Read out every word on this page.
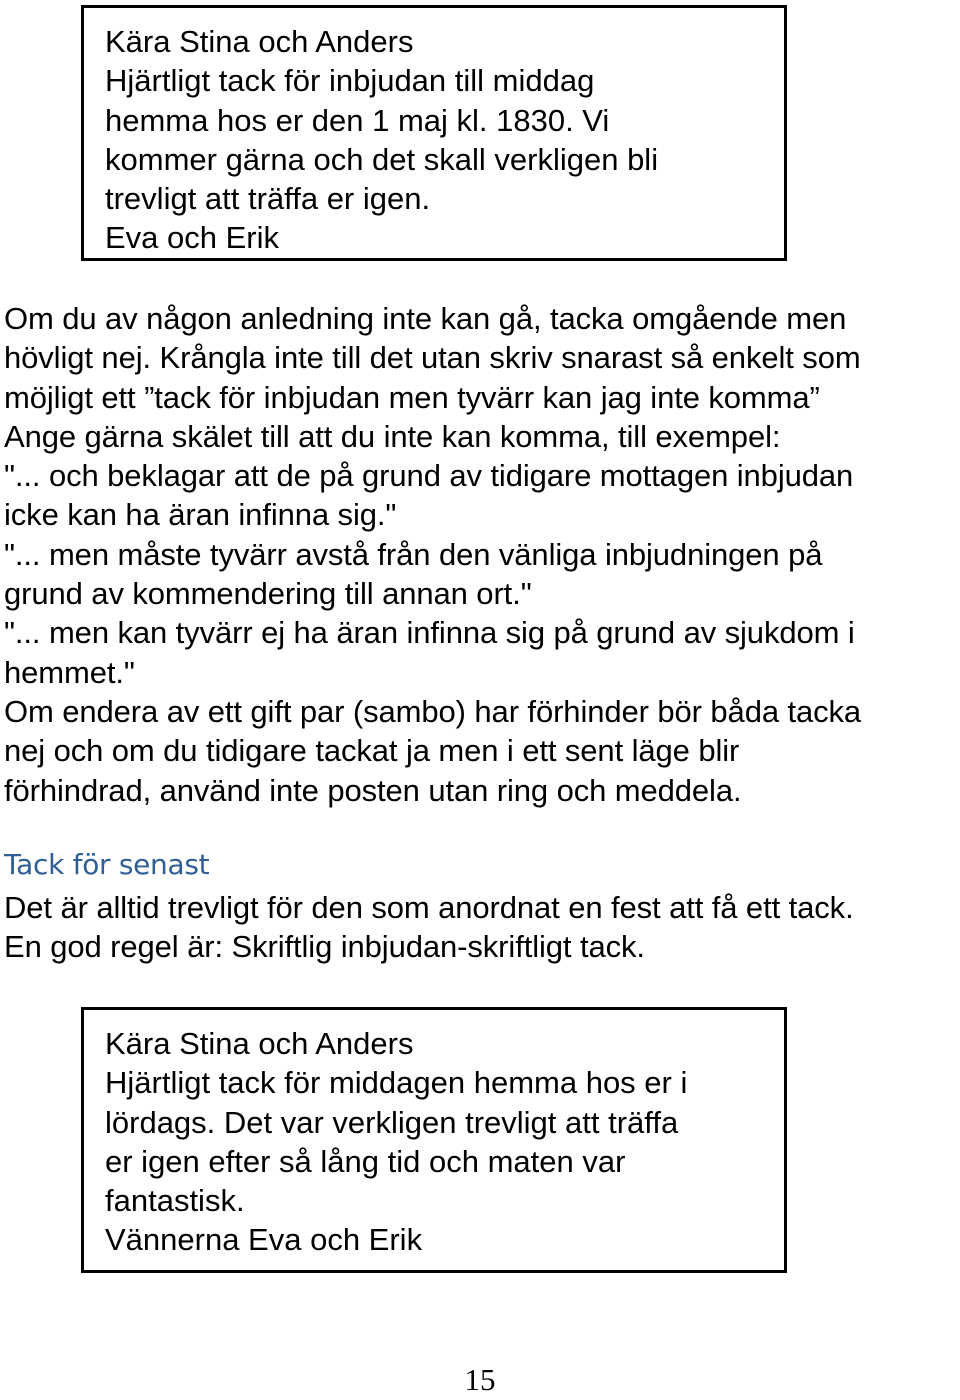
Kära Stina och Anders
Hjärtligt tack för inbjudan till middag
hemma hos er den 1 maj kl. 1830. Vi
kommer gärna och det skall verkligen bli
trevligt att träffa er igen.
Eva och Erik
Om du av någon anledning inte kan gå, tacka omgående men
hövligt nej. Krångla inte till det utan skriv snarast så enkelt som
möjligt ett ”tack för inbjudan men tyvärr kan jag inte komma”
Ange gärna skälet till att du inte kan komma, till exempel:
"... och beklagar att de på grund av tidigare mottagen inbjudan
icke kan ha äran infinna sig."
"... men måste tyvärr avstå från den vänliga inbjudningen på
grund av kommendering till annan ort."
"... men kan tyvärr ej ha äran infinna sig på grund av sjukdom i
hemmet."
Om endera av ett gift par (sambo) har förhinder bör båda tacka
nej och om du tidigare tackat ja men i ett sent läge blir
förhindrad, använd inte posten utan ring och meddela.
Tack för senast
Det är alltid trevligt för den som anordnat en fest att få ett tack.
En god regel är: Skriftlig inbjudan-skriftligt tack.
Kära Stina och Anders
Hjärtligt tack för middagen hemma hos er i
lördags. Det var verkligen trevligt att träffa
er igen efter så lång tid och maten var
fantastisk.
Vännerna Eva och Erik
15
